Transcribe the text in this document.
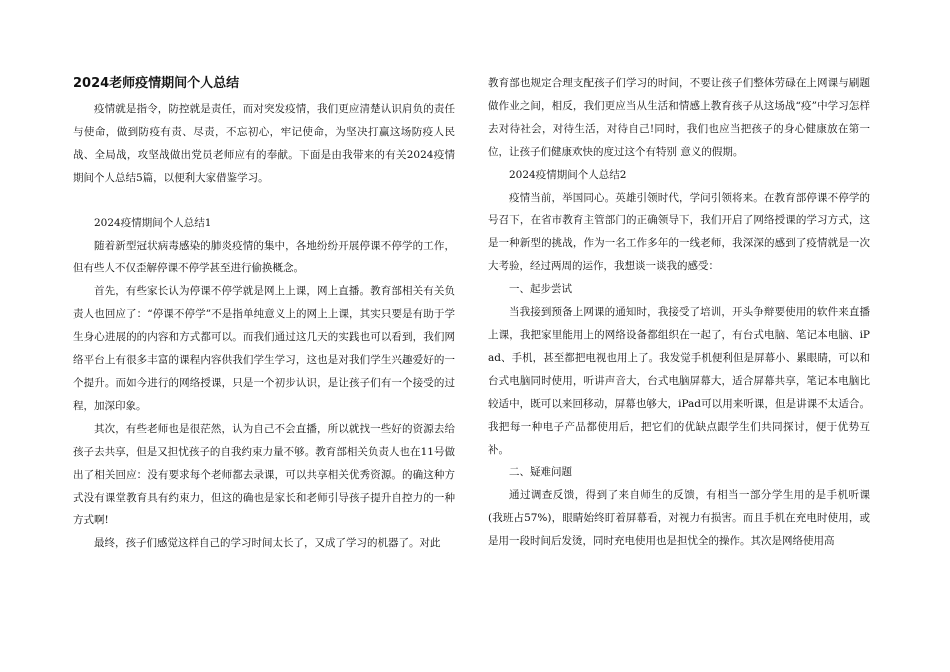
2024老师疫情期间个人总结

疫情就是指令，防控就是责任，而对突发疫情，我们更应清楚认识肩负的责任与使命，做到防疫有责、尽责，不忘初心，牢记使命，为坚决打赢这场防疫人民战、全局战，攻坚战做出党员老师应有的奉献。下面是由我带来的有关2024疫情期间个人总结5篇，以便利大家借鉴学习。

2024疫情期间个人总结1

随着新型冠状病毒感染的肺炎疫情的集中，各地纷纷开展停课不停学的工作，但有些人不仅歪解停课不停学甚至进行偷换概念。

首先，有些家长认为停课不停学就是网上上课，网上直播。教育部相关有关负责人也回应了：“停课不停学”不是指单纯意义上的网上上课，其实只要是有助于学生身心进展的的内容和方式都可以。而我们通过这几天的实践也可以看到，我们网络平台上有很多丰富的课程内容供我们学生学习，这也是对我们学生兴趣爱好的一个提升。而如今进行的网络授课，只是一个初步认识，是让孩子们有一个接受的过程，加深印象。

其次，有些老师也是很茫然，认为自己不会直播，所以就找一些好的资源去给孩子去共享，但是又担忧孩子的自我约束力量不够。教育部相关负责人也在11号做出了相关回应：没有要求每个老师都去录课，可以共享相关优秀资源。的确这种方式没有课堂教育具有约束力，但这的确也是家长和老师引导孩子提升自控力的一种方式啊!

最终，孩子们感觉这样自己的学习时间太长了，又成了学习的机器了。对此

教育部也规定合理支配孩子们学习的时间，不要让孩子们整体劳碌在上网课与刷题做作业之间，相反，我们更应当从生活和情感上教育孩子从这场战“疫”中学习怎样去对待社会，对待生活，对待自己!同时，我们也应当把孩子的身心健康放在第一位，让孩子们健康欢快的度过这个有特别 意义的假期。

2024疫情期间个人总结2

疫情当前，举国同心。英雄引领时代，学问引领将来。在教育部停课不停学的号召下，在省市教育主管部门的正确领导下，我们开启了网络授课的学习方式，这是一种新型的挑战，作为一名工作多年的一线老师，我深深的感到了疫情就是一次大考验，经过两周的运作，我想谈一谈我的感受：

一、起步尝试

当我接到预备上网课的通知时，我接受了培训，开头争辩要使用的软件来直播上课，我把家里能用上的网络设备都组织在一起了，有台式电脑、笔记本电脑、iPad、手机，甚至都把电视也用上了。我发觉手机便利但是屏幕小、累眼睛，可以和台式电脑同时使用，听讲声音大，台式电脑屏幕大，适合屏幕共享，笔记本电脑比较适中，既可以来回移动，屏幕也够大，iPad可以用来听课，但是讲课不太适合。我把每一种电子产品都使用后，把它们的优缺点跟学生们共同探讨，便于优势互补。

二、疑难问题

通过调查反馈，得到了来自师生的反馈，有相当一部分学生用的是手机听课(我班占57%)，眼睛始终盯着屏幕看，对视力有损害。而且手机在充电时使用，或是用一段时间后发烫，同时充电使用也是担忧全的操作。其次是网络使用高
